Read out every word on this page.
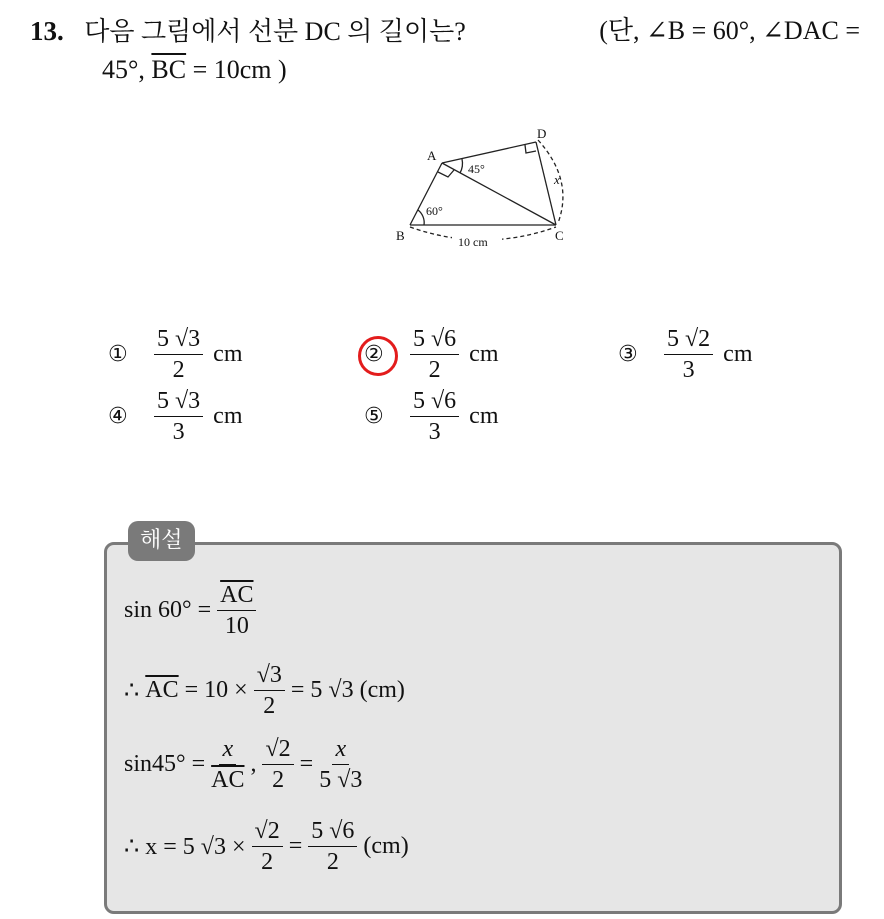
13. 다음 그림에서 선분 DC 의 길이는?	(단, ∠B = 60°, ∠DAC =
45°, $\overline{BC} = 10cm$ )
A
B	C
D
60°
45°
10 cm
x
①	$\frac{5 √3}{2}$ cm	②	$\frac{5 √6}{2}$ cm	③	$\frac{5 √2}{3}$ cm
④	$\frac{5 √3}{3}$ cm	⑤	$\frac{5 √6}{3}$ cm
해설
$\sin 60^\circ = \frac{\overline{AC}}{10}$
∴
$\overline{AC}$
= $10 \times \frac{√3}{2} = 5$ √3 (cm)
$\sin 45^\circ = \frac{x}{AC}$ , $\frac{√2}{2} = \frac{x}{5 √3}$
∴ x = 5 $√3 \times \frac{√2}{2} = \frac{5 √6}{2} (cm)$
